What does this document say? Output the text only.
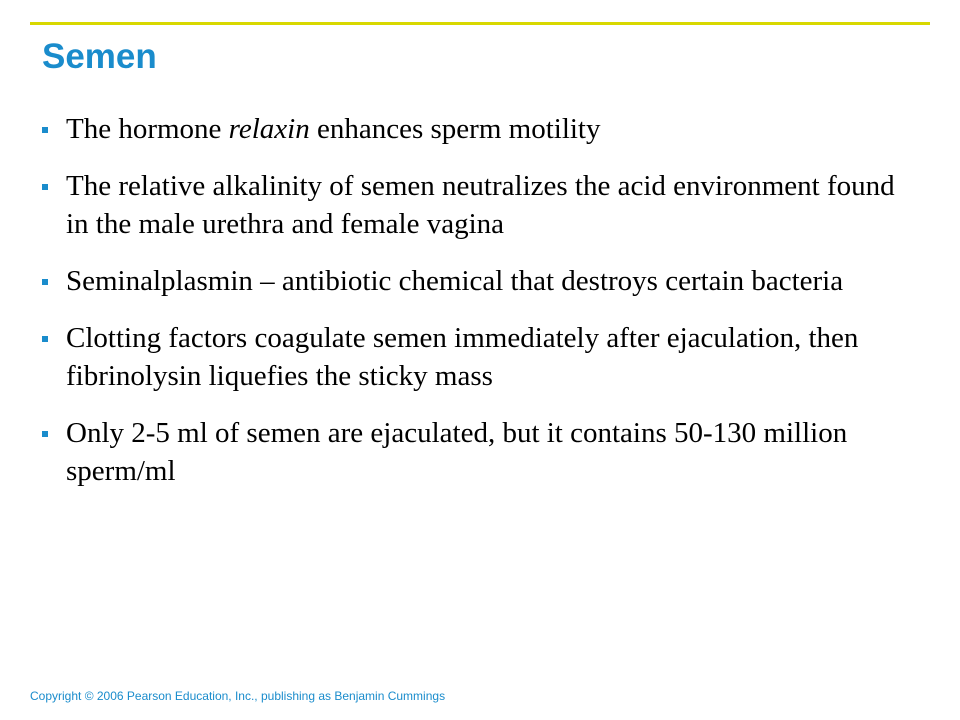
Semen
The hormone relaxin enhances sperm motility
The relative alkalinity of semen neutralizes the acid environment found in the male urethra and female vagina
Seminalplasmin – antibiotic chemical that destroys certain bacteria
Clotting factors coagulate semen immediately after ejaculation, then fibrinolysin liquefies the sticky mass
Only 2-5 ml of semen are ejaculated, but it contains 50-130 million sperm/ml
Copyright © 2006 Pearson Education, Inc., publishing as Benjamin Cummings
